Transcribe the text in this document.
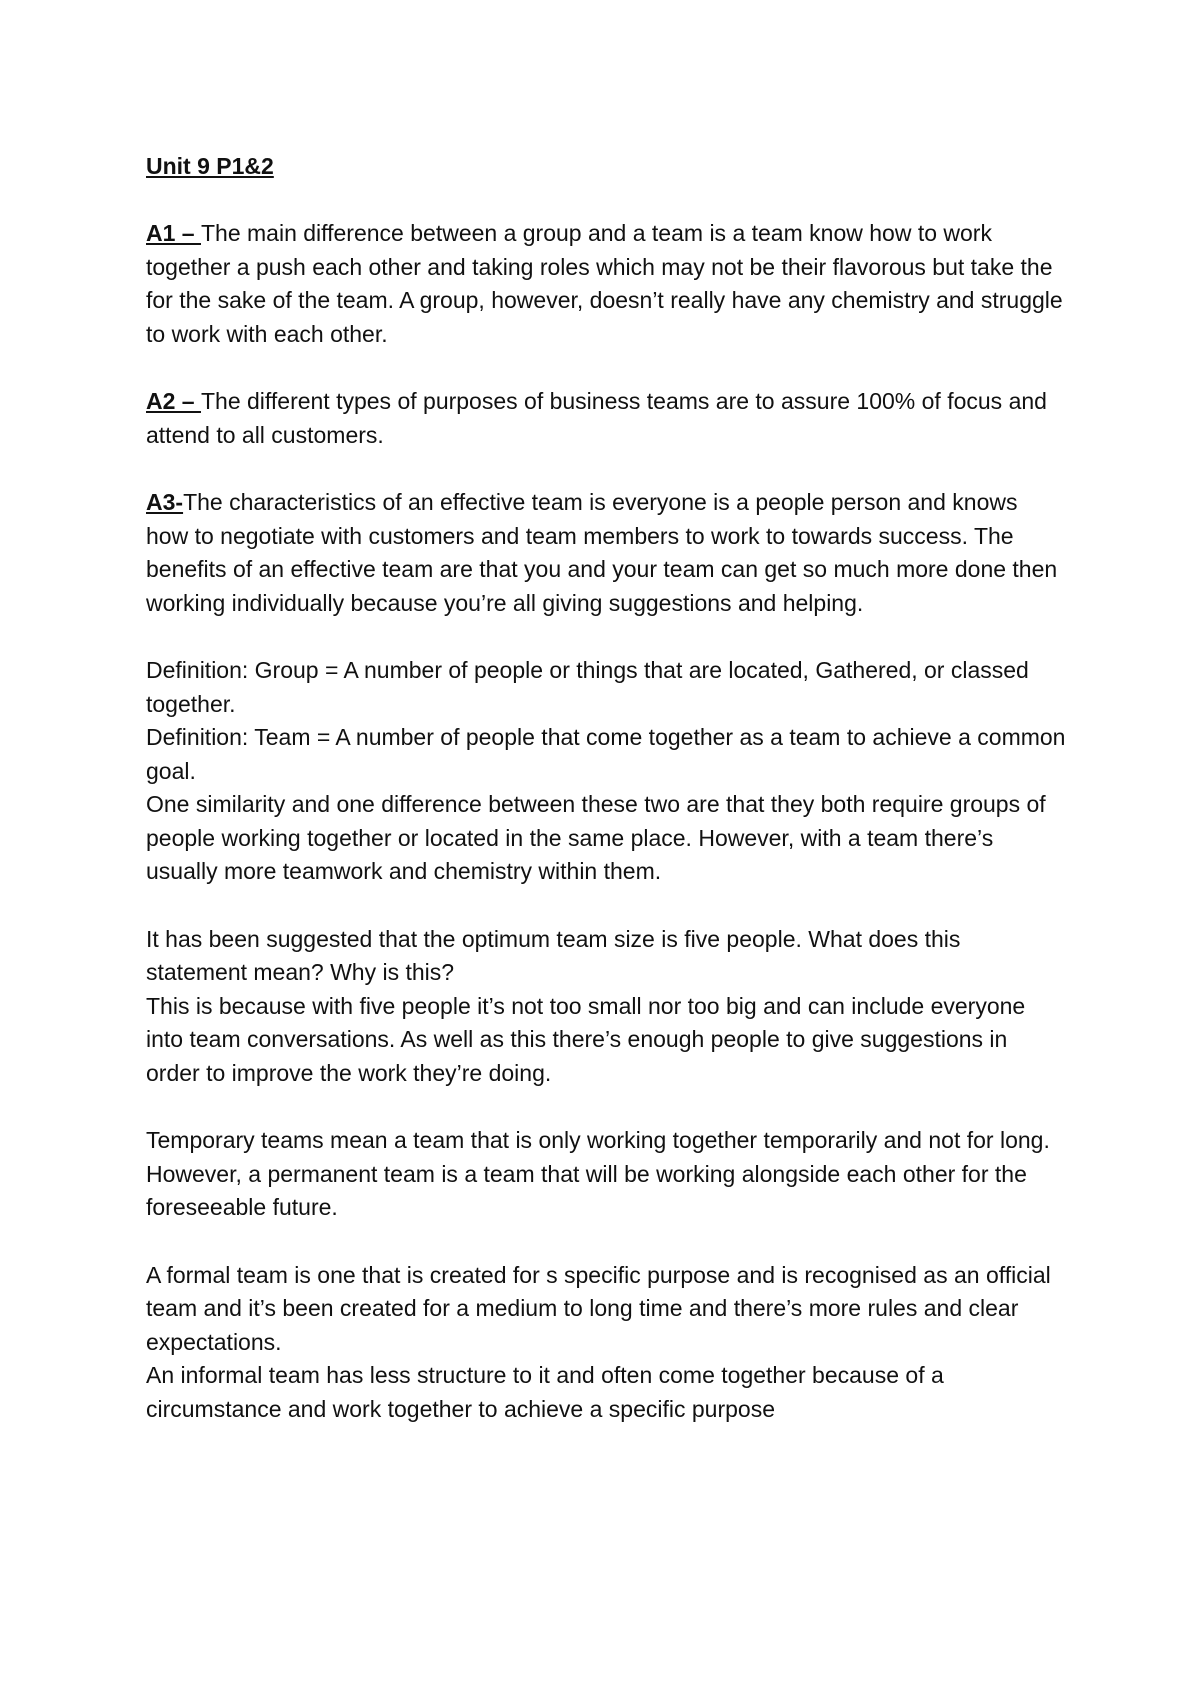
Unit 9 P1&2

A1 – The main difference between a group and a team is a team know how to work together a push each other and taking roles which may not be their flavorous but take the for the sake of the team. A group, however, doesn’t really have any chemistry and struggle to work with each other.

A2 – The different types of purposes of business teams are to assure 100% of focus and attend to all customers.

A3-The characteristics of an effective team is everyone is a people person and knows how to negotiate with customers and team members to work to towards success. The benefits of an effective team are that you and your team can get so much more done then working individually because you’re all giving suggestions and helping.

Definition: Group = A number of people or things that are located, Gathered, or classed together.

Definition: Team = A number of people that come together as a team to achieve a common goal.

One similarity and one difference between these two are that they both require groups of people working together or located in the same place. However, with a team there’s usually more teamwork and chemistry within them.

It has been suggested that the optimum team size is five people. What does this statement mean? Why is this?

This is because with five people it’s not too small nor too big and can include everyone into team conversations. As well as this there’s enough people to give suggestions in order to improve the work they’re doing.

Temporary teams mean a team that is only working together temporarily and not for long. However, a permanent team is a team that will be working alongside each other for the foreseeable future.

A formal team is one that is created for s specific purpose and is recognised as an official team and it’s been created for a medium to long time and there’s more rules and clear expectations.

An informal team has less structure to it and often come together because of a circumstance and work together to achieve a specific purpose
